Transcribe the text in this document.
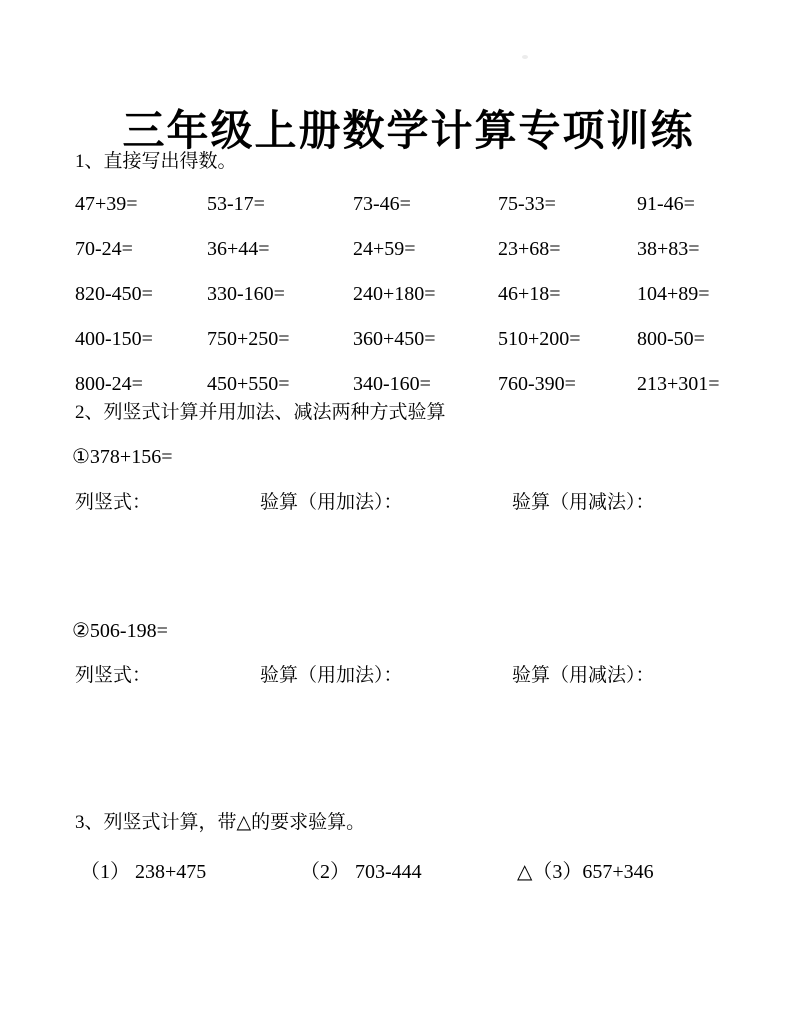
三年级上册数学计算专项训练
1、直接写出得数。
47+39=	53-17=	73-46=	75-33=	91-46=
70-24=	36+44=	24+59=	23+68=	38+83=
820-450=	330-160=	240+180=	46+18=	104+89=
400-150=	750+250=	360+450=	510+200=	800-50=
800-24=	450+550=	340-160=	760-390=	213+301=
2、列竖式计算并用加法、减法两种方式验算
①378+156=
列竖式：	验算（用加法）：	验算（用减法）：
②506-198=
列竖式：	验算（用加法）：	验算（用减法）：
3、列竖式计算，带△的要求验算。
（1） 238+475	（2） 703-444	△（3）657+346
